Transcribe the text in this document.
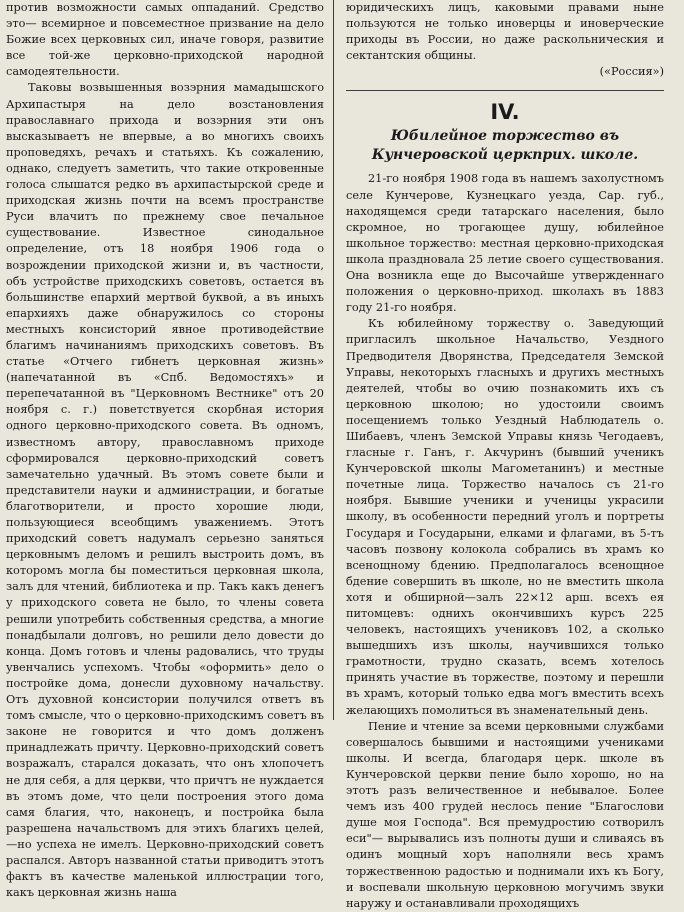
против возможности самых оппаданий. Средство это— всемирное и повсеместное призвание на дело Божие всех церковных сил, иначе говоря, развитие все той-же церковно-приходской народной самодеятельности.

Таковы возвышенныя возэрния мамадышского Архипастыря на дело возстановления православнаго прихода и возэрния эти онъ высказываетъ не впервые, а во многихъ своихъ проповедяхъ, речахъ и статьяхъ. Къ сожалению, однако, следуетъ заметить, что такие откровенные голоса слышатся редко въ архипастырской среде и приходская жизнь почти на всемъ пространстве Руси влачитъ по прежнему свое печальное существование. Известное синодальное определение, отъ 18 ноября 1906 года о возрождении приходской жизни и, въ частности, объ устройстве приходскихъ советовъ, остается въ большинстве епархий мертвой буквой, а въ иныхъ епархияхъ даже обнаружилось со стороны местныхъ консисторий явное противодействие благимъ начинаниямъ приходскихъ советовъ. Въ статье «Отчего гибнетъ церковная жизнь» (напечатанной въ «Спб. Ведомостяхъ» и перепечатанной въ "Церковномъ Вестнике" отъ 20 ноября с. г.) поветствуется скорбная история одного церковно-приходского совета. Въ одномъ, известномъ автору, православномъ приходе сформировался церковно-приходский советъ замечательно удачный. Въ этомъ совете были и представители науки и администрации, и богатые благотворители, и просто хорошие люди, пользующиеся всеобщимъ уважениемъ. Этотъ приходский советъ надумалъ серьезно заняться церковнымъ деломъ и решилъ выстроить домъ, въ которомъ могла бы поместиться церковная школа, залъ для чтений, библиотека и пр. Такъ какъ денегъ у приходского совета не было, то члены совета решили употребить собственныя средства, а многие понадбылали долговъ, но решили дело довести до конца. Домъ готовъ и члены радовались, что труды увенчались успехомъ. Чтобы «оформить» дело о постройке дома, донесли духовному начальству. Отъ духовной консистории получился ответъ въ томъ смысле, что о церковно-приходскимъ советъ въ законе не говорится и что домъ долженъ принадлежать причту. Церковно-приходский советъ возражалъ, старался доказать, что онъ хлопочетъ не для себя, а для церкви, что причтъ не нуждается въ этомъ доме, что цели построения этого дома самя благия, что, наконецъ, и постройка была разрешена начальствомъ для этихъ благихъ целей,—но успеха не имелъ. Церковно-приходский советъ распался. Авторъ названной статьи приводитъ этотъ фактъ въ качестве маленькой иллюстрации того, какъ церковная жизнь наша

юридическихъ лицъ, каковыми правами ныне пользуются не только иноверцы и иноверческие приходы въ России, но даже раскольническия и сектантския общины.

(«Россия»)

IV.
Юбилейное торжество въ Кунчеровской церкприх. школе.

21-го ноября 1908 года въ нашемъ захолустномъ селе Кунчерове, Кузнецкаго уезда, Сар. губ., находящемся среди татарскаго населения, было скромное, но трогающее душу, юбилейное школьное торжество: местная церковно-приходская школа праздновала 25 летие своего существования. Она возникла еще до Высочайше утвержденнаго положения о церковно-приход. школахъ въ 1883 году 21-го ноября.

Къ юбилейному торжеству о. Заведующий пригласилъ школьное Начальство, Уездного Предводителя Дворянства, Председателя Земской Управы, некоторыхъ гласныхъ и другихъ местныхъ деятелей, чтобы во очию познакомить ихъ съ церковною школою; но удостоили своимъ посещениемъ только Уездный Наблюдатель о. Шибаевъ, членъ Земской Управы князь Чегодаевъ, гласные г. Ганъ, г. Акчуринъ (бывший ученикъ Кунчеровской школы Магометанинъ) и местные почетные лица. Торжество началось съ 21-го ноября. Бывшие ученики и ученицы украсили школу, въ особенности передний уголъ и портреты Государя и Государыни, елками и флагами, въ 5-тъ часовъ позвону колокола собрались въ храмъ ко всенощному бдению. Предполагалось всенощное бдение совершить въ школе, но не вместить школа хотя и обширной—залъ 22×12 арш. всехъ ея питомцевъ: однихъ окончившихъ курсъ 225 человекъ, настоящихъ учениковъ 102, а сколько вышедшихъ изъ школы, научившихся только грамотности, трудно сказать, всемъ хотелось принять участие въ торжестве, поэтому и перешли въ храмъ, который только едва могъ вместить всехъ желающихъ помолиться въ знаменательный день.

Пение и чтение за всеми церковными службами совершалось бывшими и настоящими учениками школы. И всегда, благодаря церк. школе въ Кунчеровской церкви пение было хорошо, но на этотъ разъ величественное и небывалое. Более чемъ изъ 400 грудей неслось пение "Благослови душе моя Господа". Вся премудростию сотворилъ еси"— вырывались изъ полноты души и сливаясь въ одинъ мощный хоръ наполняли весь храмъ торжественною радостью и поднимали ихъ къ Богу, и воспевали школьную церковною могучимъ звуки наружу и останавливали проходящихъ
